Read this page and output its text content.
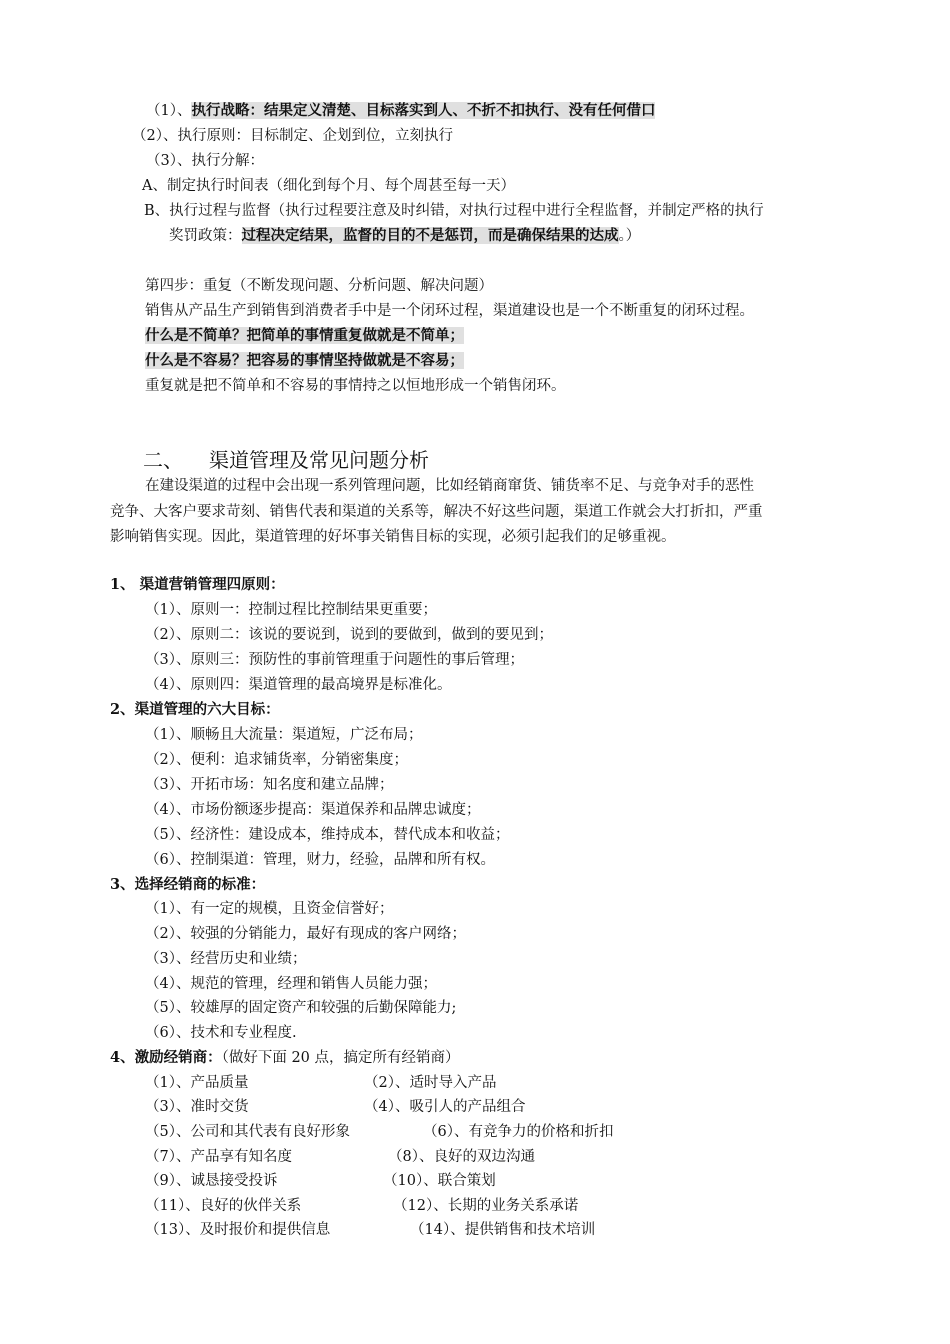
（1）、执行战略：结果定义清楚、目标落实到人、不折不扣执行、没有任何借口
（2）、执行原则：目标制定、企划到位，立刻执行
（3）、执行分解：
A、制定执行时间表（细化到每个月、每个周甚至每一天）
B、执行过程与监督（执行过程要注意及时纠错，对执行过程中进行全程监督，并制定严格的执行
奖罚政策：过程决定结果，监督的目的不是惩罚，而是确保结果的达成。）
第四步：重复（不断发现问题、分析问题、解决问题）
销售从产品生产到销售到消费者手中是一个闭环过程，渠道建设也是一个不断重复的闭环过程。
什么是不简单？把简单的事情重复做就是不简单；
什么是不容易？把容易的事情坚持做就是不容易；
重复就是把不简单和不容易的事情持之以恒地形成一个销售闭环。
二、 渠道管理及常见问题分析
在建设渠道的过程中会出现一系列管理问题，比如经销商窜货、铺货率不足、与竞争对手的恶性
竞争、大客户要求苛刻、销售代表和渠道的关系等，解决不好这些问题，渠道工作就会大打折扣，严重
影响销售实现。因此，渠道管理的好坏事关销售目标的实现，必须引起我们的足够重视。
1、 渠道营销管理四原则：
（1）、原则一：控制过程比控制结果更重要；
（2）、原则二：该说的要说到，说到的要做到，做到的要见到；
（3）、原则三：预防性的事前管理重于问题性的事后管理；
（4）、原则四：渠道管理的最高境界是标准化。
2、渠道管理的六大目标：
（1）、顺畅且大流量：渠道短，广泛布局；
（2）、便利：追求铺货率，分销密集度；
（3）、开拓市场：知名度和建立品牌；
（4）、市场份额逐步提高：渠道保养和品牌忠诚度；
（5）、经济性：建设成本，维持成本，替代成本和收益；
（6）、控制渠道：管理，财力，经验，品牌和所有权。
3、选择经销商的标准：
（1）、有一定的规模，且资金信誉好；
（2）、较强的分销能力，最好有现成的客户网络；
（3）、经营历史和业绩；
（4）、规范的管理，经理和销售人员能力强；
（5）、较雄厚的固定资产和较强的后勤保障能力;
（6）、技术和专业程度.
4、激励经销商：（做好下面 20 点，搞定所有经销商）
（1）、产品质量	（2）、适时导入产品
（3）、准时交货	（4）、吸引人的产品组合
（5）、公司和其代表有良好形象	（6）、有竞争力的价格和折扣
（7）、产品享有知名度	（8）、良好的双边沟通
（9）、诚恳接受投诉	（10）、联合策划
（11）、良好的伙伴关系	（12）、长期的业务关系承诺
（13）、及时报价和提供信息	（14）、提供销售和技术培训
